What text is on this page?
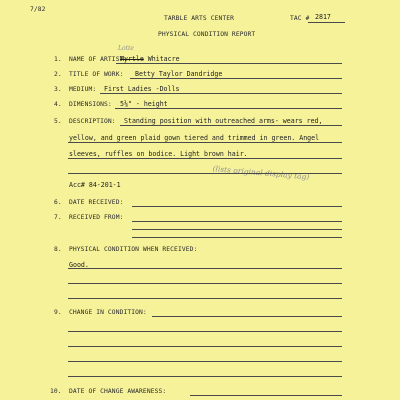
7/82
TARBLE ARTS CENTER	TAC # 2817
PHYSICAL CONDITION REPORT
1. NAME OF ARTIST:
Lotte
Myrtle Whitacre
2. TITLE OF WORK: Betty Taylor Dandridge
3. MEDIUM: First Ladies -Dolls
4. DIMENSIONS: 5⅛" - height
5. DESCRIPTION: Standing position with outreached arms- wears red,
yellow, and green plaid gown tiered and trimmed in green. Angel
sleeves, ruffles on bodice. Light brown hair.
(lists original display tag)
Acc# 84-201-1
6. DATE RECEIVED:
7. RECEIVED FROM:
8. PHYSICAL CONDITION WHEN RECEIVED:
Good.
9. CHANGE IN CONDITION:
10. DATE OF CHANGE AWARENESS:
